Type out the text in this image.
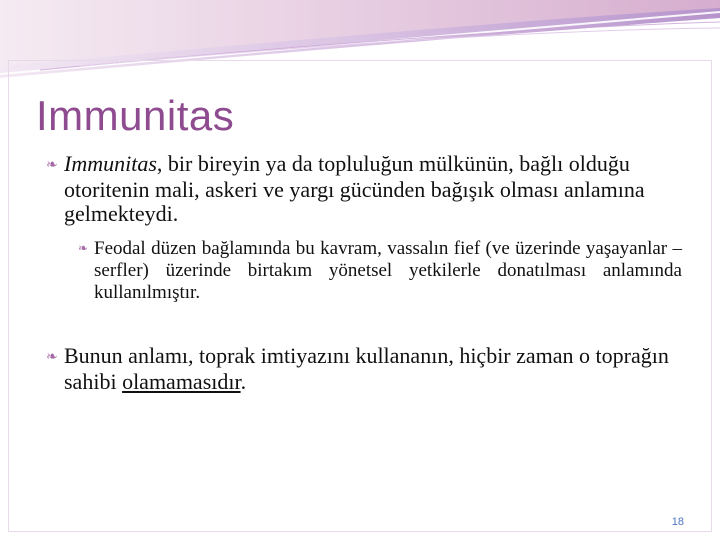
Immunitas
❧ Immunitas, bir bireyin ya da topluluğun mülkünün, bağlı olduğu otoritenin mali, askeri ve yargı gücünden bağışık olması anlamına gelmekteydi.
❧ Feodal düzen bağlamında bu kavram, vassalın fief (ve üzerinde yaşayanlar – serfler) üzerinde birtakım yönetsel yetkilerle donatılması anlamında kullanılmıştır.
❧ Bunun anlamı, toprak imtiyazını kullananın, hiçbir zaman o toprağın sahibi olamamasıdır.
18
